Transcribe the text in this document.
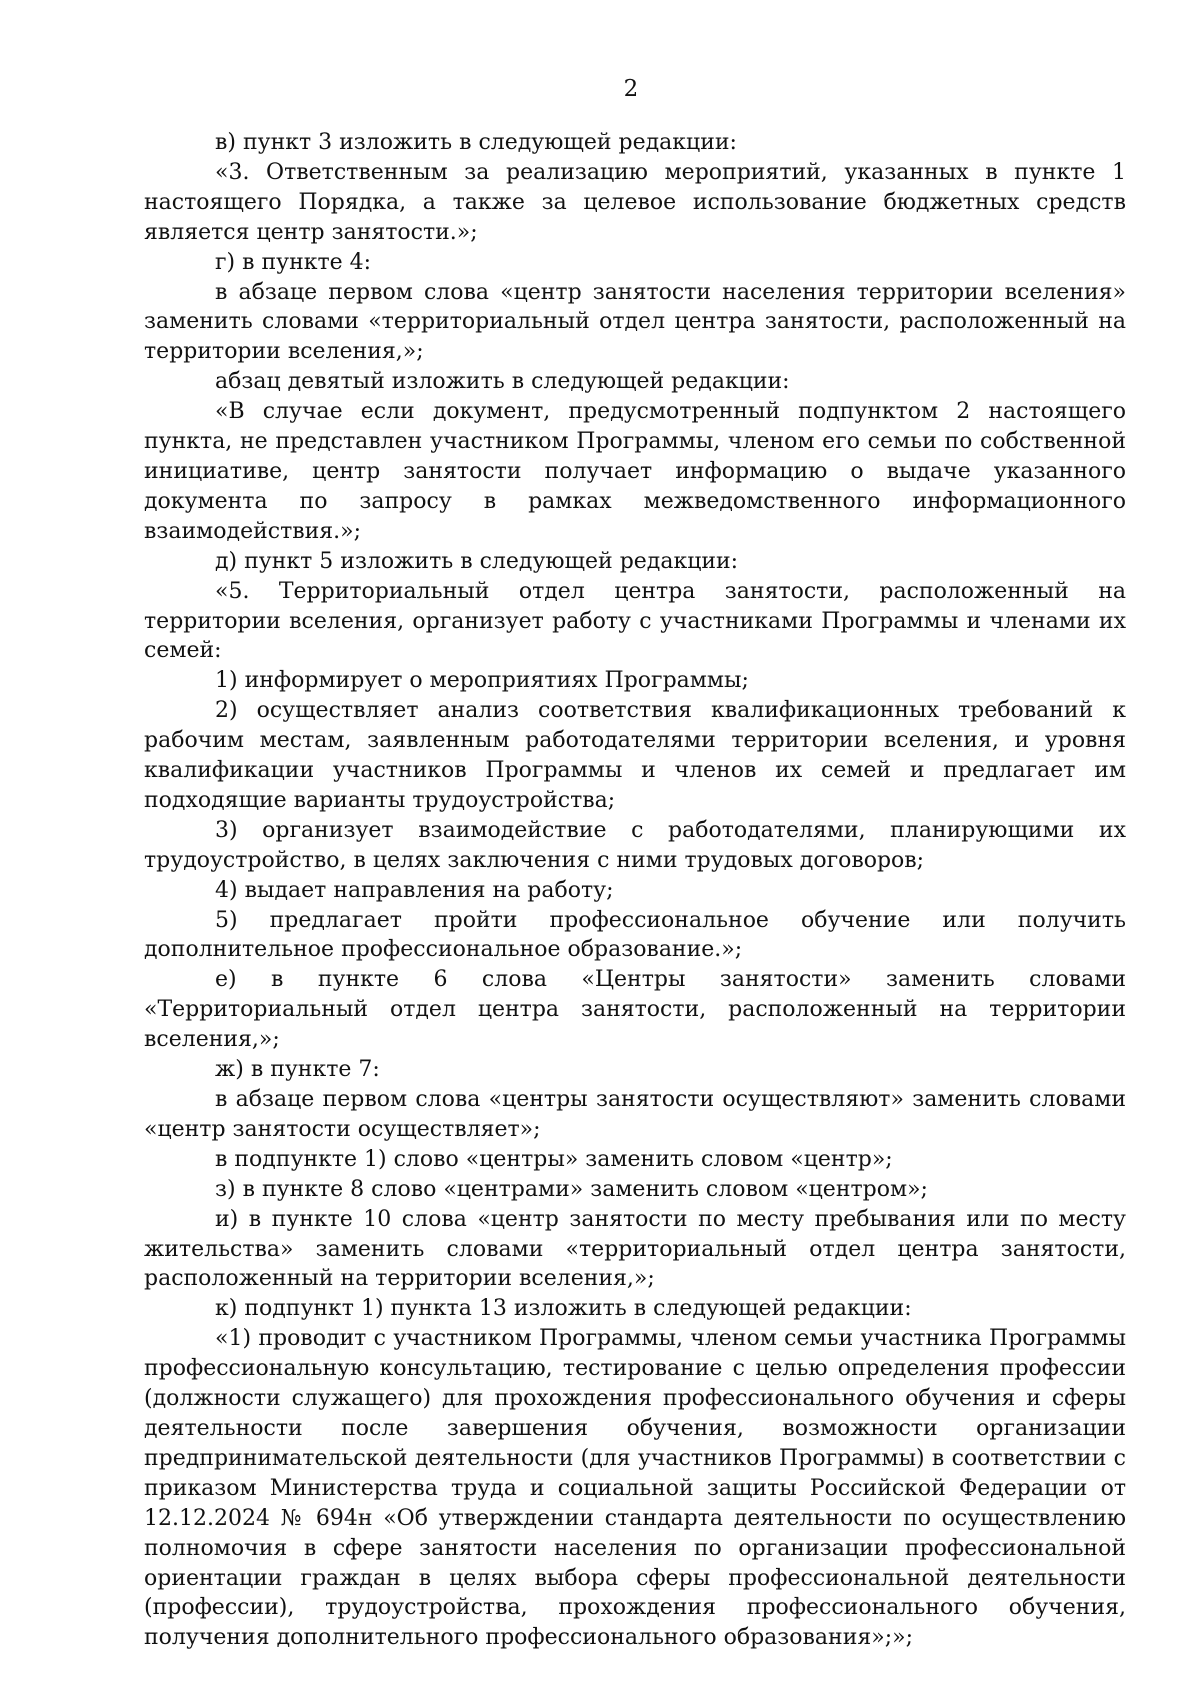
2

в) пункт 3 изложить в следующей редакции:

«3. Ответственным за реализацию мероприятий, указанных в пункте 1 настоящего Порядка, а также за целевое использование бюджетных средств является центр занятости.»;

г) в пункте 4:

в абзаце первом слова «центр занятости населения территории вселения» заменить словами «территориальный отдел центра занятости, расположенный на территории вселения,»;

абзац девятый изложить в следующей редакции:

«В случае если документ, предусмотренный подпунктом 2 настоящего пункта, не представлен участником Программы, членом его семьи по собственной инициативе, центр занятости получает информацию о выдаче указанного документа по запросу в рамках межведомственного информационного взаимодействия.»;

д) пункт 5 изложить в следующей редакции:

«5. Территориальный отдел центра занятости, расположенный на территории вселения, организует работу с участниками Программы и членами их семей:

1) информирует о мероприятиях Программы;

2) осуществляет анализ соответствия квалификационных требований к рабочим местам, заявленным работодателями территории вселения, и уровня квалификации участников Программы и членов их семей и предлагает им подходящие варианты трудоустройства;

3) организует взаимодействие с работодателями, планирующими их трудоустройство, в целях заключения с ними трудовых договоров;

4) выдает направления на работу;

5) предлагает пройти профессиональное обучение или получить дополнительное профессиональное образование.»;

е) в пункте 6 слова «Центры занятости» заменить словами «Территориальный отдел центра занятости, расположенный на территории вселения,»;

ж) в пункте 7:

в абзаце первом слова «центры занятости осуществляют» заменить словами «центр занятости осуществляет»;

в подпункте 1) слово «центры» заменить словом «центр»;

з) в пункте 8 слово «центрами» заменить словом «центром»;

и) в пункте 10 слова «центр занятости по месту пребывания или по месту жительства» заменить словами «территориальный отдел центра занятости, расположенный на территории вселения,»;

к) подпункт 1) пункта 13 изложить в следующей редакции:

«1) проводит с участником Программы, членом семьи участника Программы профессиональную консультацию, тестирование с целью определения профессии (должности служащего) для прохождения профессионального обучения и сферы деятельности после завершения обучения, возможности организации предпринимательской деятельности (для участников Программы) в соответствии с приказом Министерства труда и социальной защиты Российской Федерации от 12.12.2024 № 694н «Об утверждении стандарта деятельности по осуществлению полномочия в сфере занятости населения по организации профессиональной ориентации граждан в целях выбора сферы профессиональной деятельности (профессии), трудоустройства, прохождения профессионального обучения, получения дополнительного профессионального образования»;»;
